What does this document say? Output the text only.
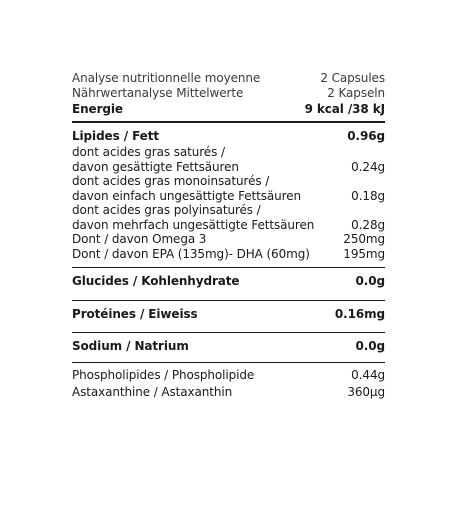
Analyse nutritionnelle moyenne	2 Capsules
Nährwertanalyse Mittelwerte	2 Kapseln
Energie	9 kcal /38 kJ
Lipides / Fett	0.96g
dont acides gras saturés /
davon gesättigte Fettsäuren	0.24g
dont acides gras monoinsaturés /
davon einfach ungesättigte Fettsäuren	0.18g
dont acides gras polyinsaturés /
davon mehrfach ungesättigte Fettsäuren	0.28g
Dont / davon Omega 3	250mg
Dont / davon EPA (135mg)- DHA (60mg)	195mg
Glucides / Kohlenhydrate	0.0g
Protéines / Eiweiss	0.16mg
Sodium / Natrium	0.0g
Phospholipides / Phospholipide	0.44g
Astaxanthine / Astaxanthin	360µg
